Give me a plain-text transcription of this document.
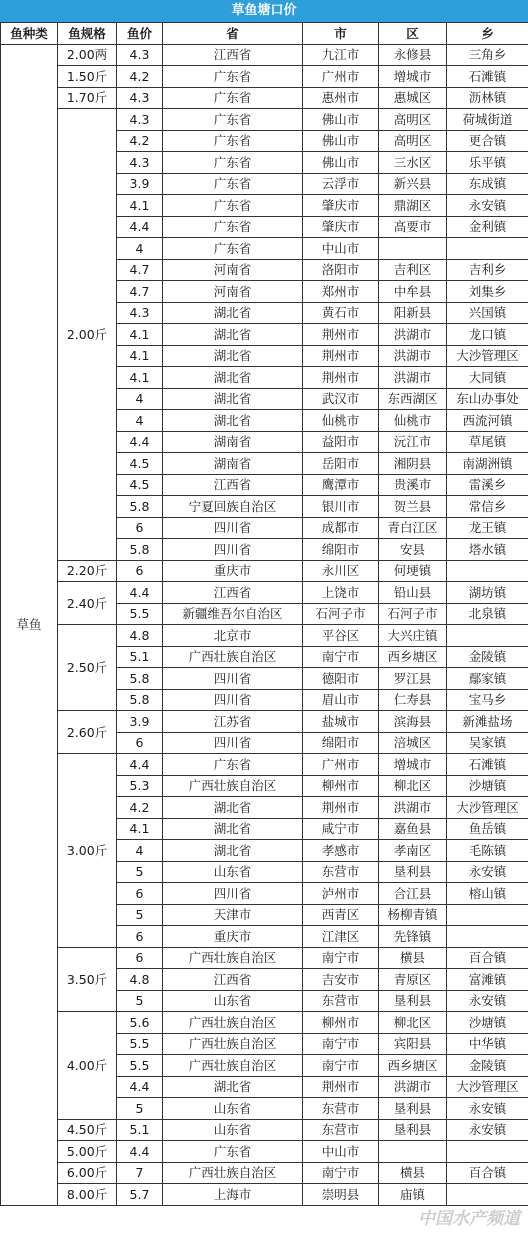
草鱼塘口价
鱼种类	鱼规格	鱼价	省	市	区	乡
草鱼	2.00两	4.3	江西省	九江市	永修县	三角乡
	1.50斤	4.2	广东省	广州市	增城市	石滩镇
	1.70斤	4.3	广东省	惠州市	惠城区	沥林镇
	2.00斤	4.3	广东省	佛山市	高明区	荷城街道
		4.2	广东省	佛山市	高明区	更合镇
		4.3	广东省	佛山市	三水区	乐平镇
		3.9	广东省	云浮市	新兴县	东成镇
		4.1	广东省	肇庆市	鼎湖区	永安镇
		4.4	广东省	肇庆市	高要市	金利镇
		4	广东省	中山市		
		4.7	河南省	洛阳市	吉利区	吉利乡
		4.7	河南省	郑州市	中牟县	刘集乡
		4.3	湖北省	黄石市	阳新县	兴国镇
		4.1	湖北省	荆州市	洪湖市	龙口镇
		4.1	湖北省	荆州市	洪湖市	大沙管理区
		4.1	湖北省	荆州市	洪湖市	大同镇
		4	湖北省	武汉市	东西湖区	东山办事处
		4	湖北省	仙桃市	仙桃市	西流河镇
		4.4	湖南省	益阳市	沅江市	草尾镇
		4.5	湖南省	岳阳市	湘阴县	南湖洲镇
		4.5	江西省	鹰潭市	贵溪市	雷溪乡
		5.8	宁夏回族自治区	银川市	贺兰县	常信乡
		6	四川省	成都市	青白江区	龙王镇
		5.8	四川省	绵阳市	安县	塔水镇
	2.20斤	6	重庆市	永川区	何埂镇	
	2.40斤	4.4	江西省	上饶市	铅山县	湖坊镇
		5.5	新疆维吾尔自治区	石河子市	石河子市	北泉镇
	2.50斤	4.8	北京市	平谷区	大兴庄镇	
		5.1	广西壮族自治区	南宁市	西乡塘区	金陵镇
		5.8	四川省	德阳市	罗江县	鄢家镇
		5.8	四川省	眉山市	仁寿县	宝马乡
	2.60斤	3.9	江苏省	盐城市	滨海县	新滩盐场
		6	四川省	绵阳市	涪城区	吴家镇
	3.00斤	4.4	广东省	广州市	增城市	石滩镇
		5.3	广西壮族自治区	柳州市	柳北区	沙塘镇
		4.2	湖北省	荆州市	洪湖市	大沙管理区
		4.1	湖北省	咸宁市	嘉鱼县	鱼岳镇
		4	湖北省	孝感市	孝南区	毛陈镇
		5	山东省	东营市	垦利县	永安镇
		6	四川省	泸州市	合江县	榕山镇
		5	天津市	西青区	杨柳青镇	
		6	重庆市	江津区	先锋镇	
	3.50斤	6	广西壮族自治区	南宁市	横县	百合镇
		4.8	江西省	吉安市	青原区	富滩镇
		5	山东省	东营市	垦利县	永安镇
	4.00斤	5.6	广西壮族自治区	柳州市	柳北区	沙塘镇
		5.5	广西壮族自治区	南宁市	宾阳县	中华镇
		5.5	广西壮族自治区	南宁市	西乡塘区	金陵镇
		4.4	湖北省	荆州市	洪湖市	大沙管理区
		5	山东省	东营市	垦利县	永安镇
	4.50斤	5.1	山东省	东营市	垦利县	永安镇
	5.00斤	4.4	广东省	中山市		
	6.00斤	7	广西壮族自治区	南宁市	横县	百合镇
	8.00斤	5.7	上海市	崇明县	庙镇	
中国水产频道
